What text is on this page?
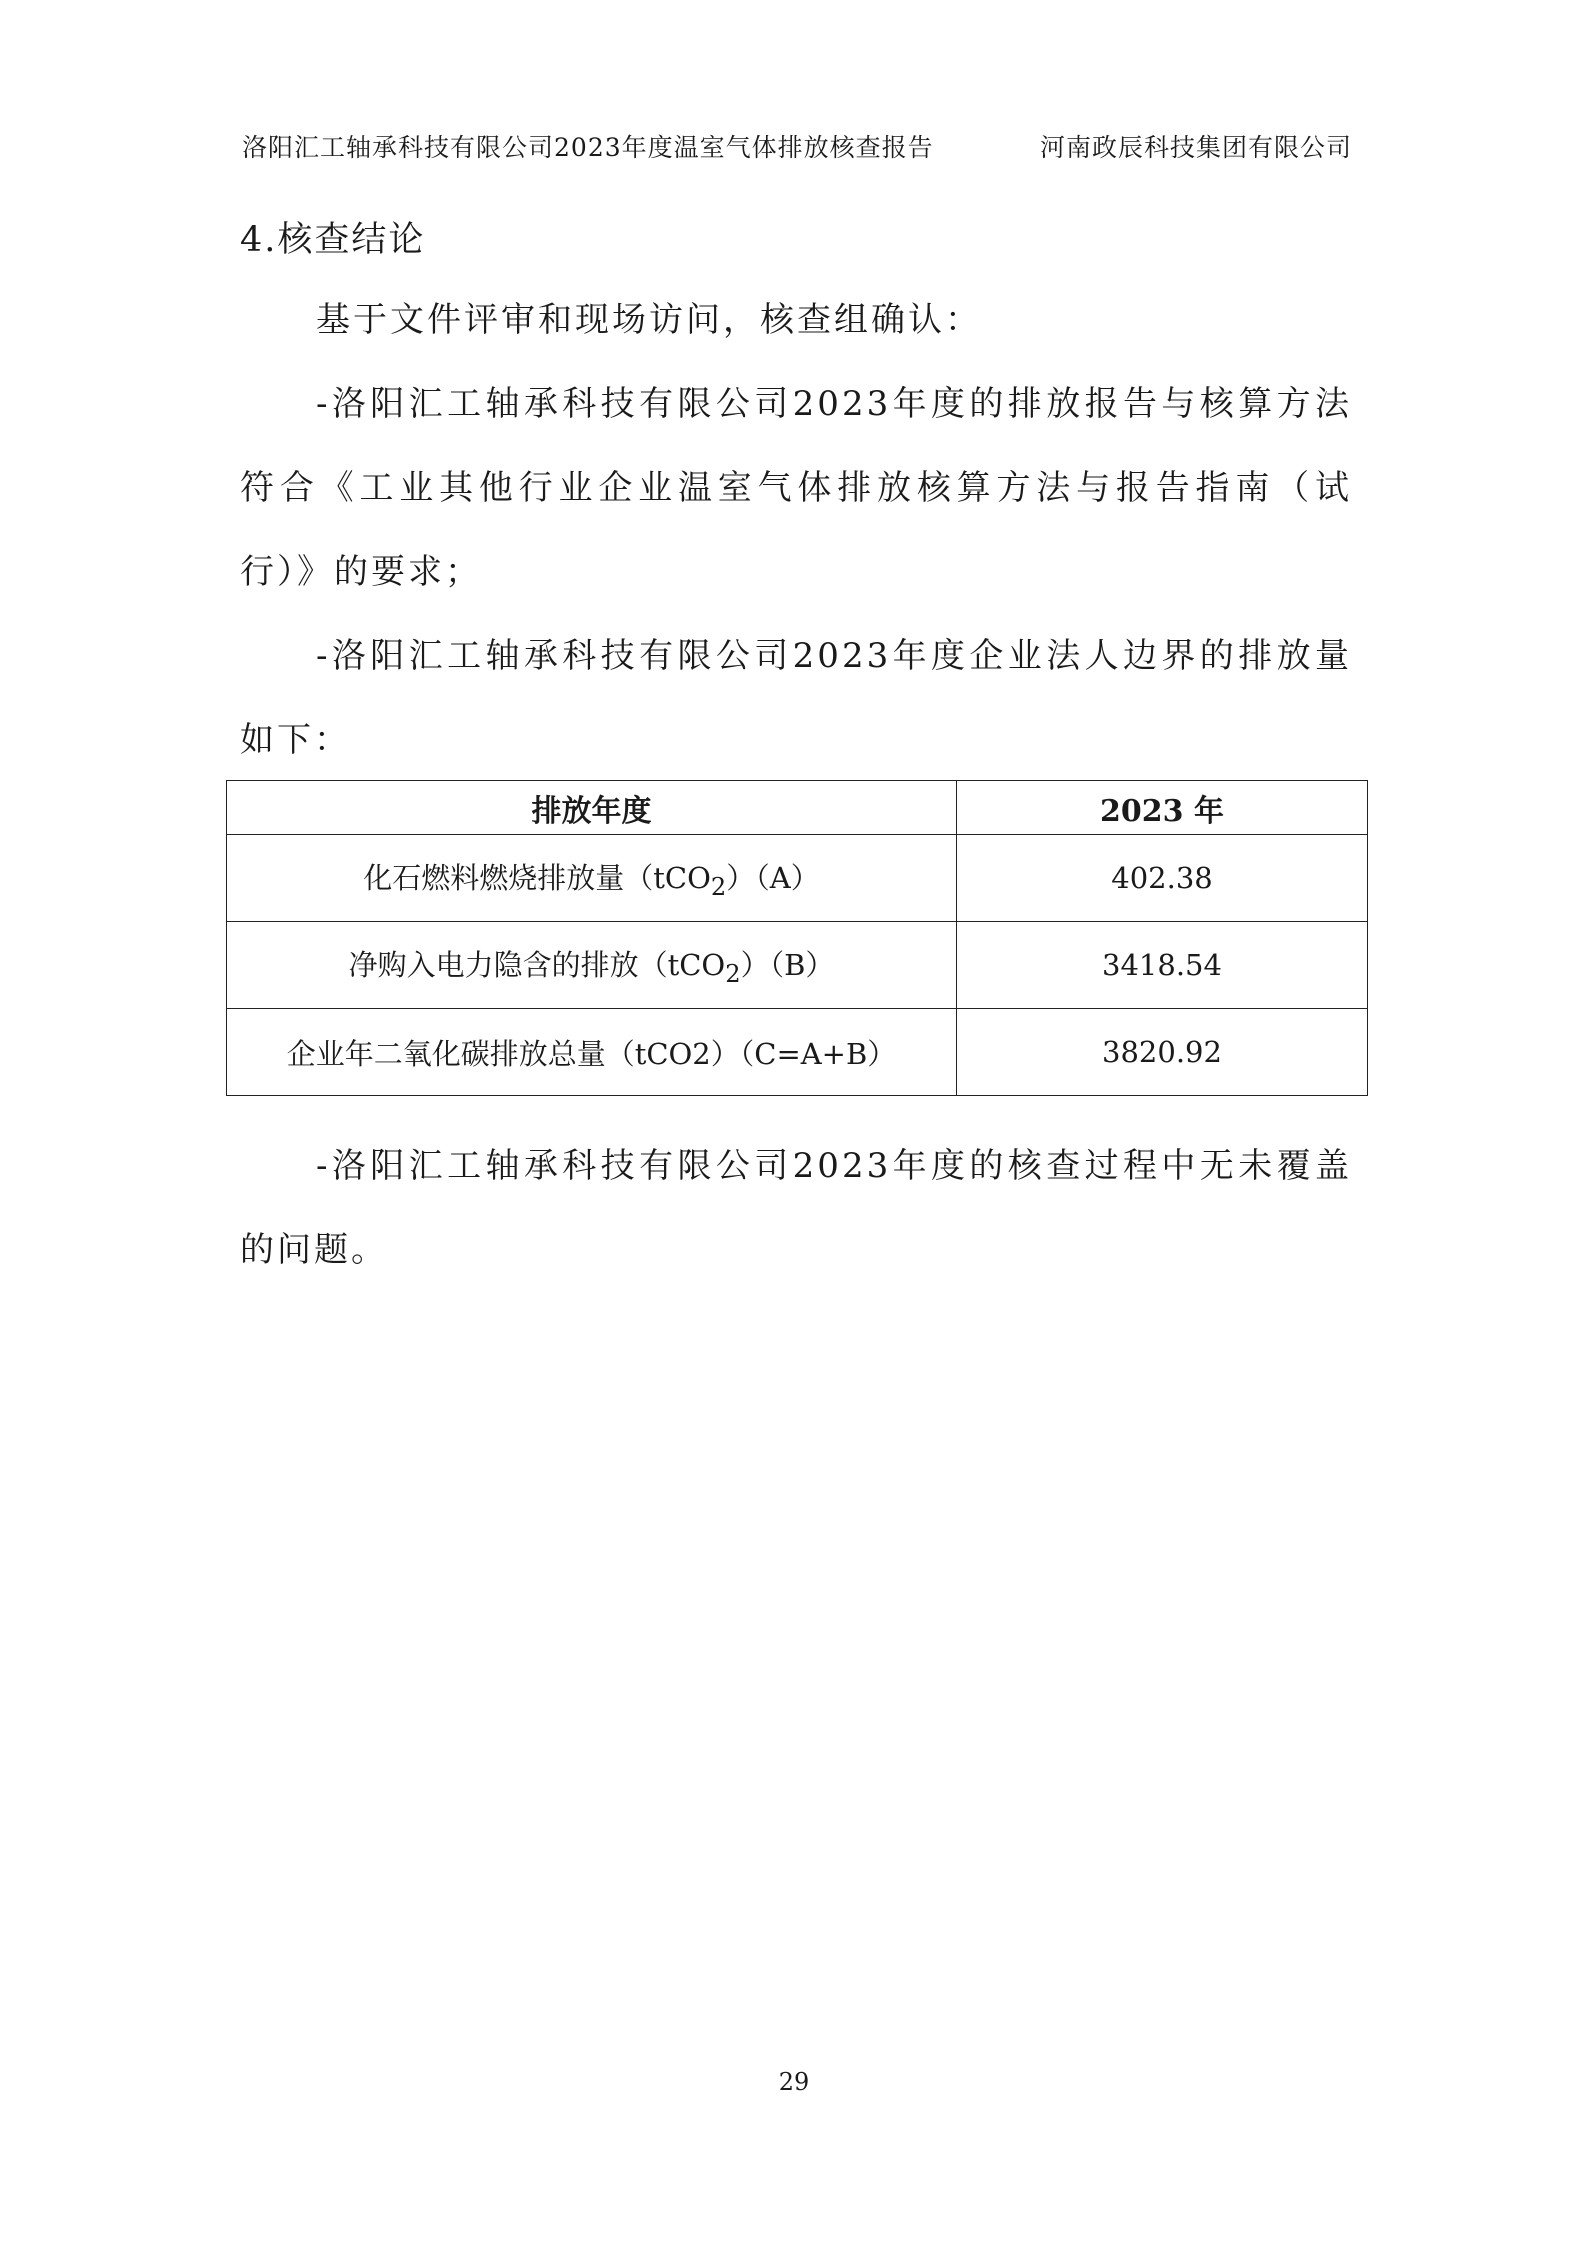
洛阳汇工轴承科技有限公司2023年度温室气体排放核查报告	河南政辰科技集团有限公司
4.核查结论
基于文件评审和现场访问，核查组确认：
-洛阳汇工轴承科技有限公司2023年度的排放报告与核算方法符合《工业其他行业企业温室气体排放核算方法与报告指南（试行）》的要求；
-洛阳汇工轴承科技有限公司2023年度企业法人边界的排放量如下：
排放年度	2023 年
化石燃料燃烧排放量（tCO$_2$）（A）	402.38
净购入电力隐含的排放（tCO$_2$）（B）	3418.54
企业年二氧化碳排放总量（tCO2）（C=A+B）	3820.92
-洛阳汇工轴承科技有限公司2023年度的核查过程中无未覆盖的问题。
29
